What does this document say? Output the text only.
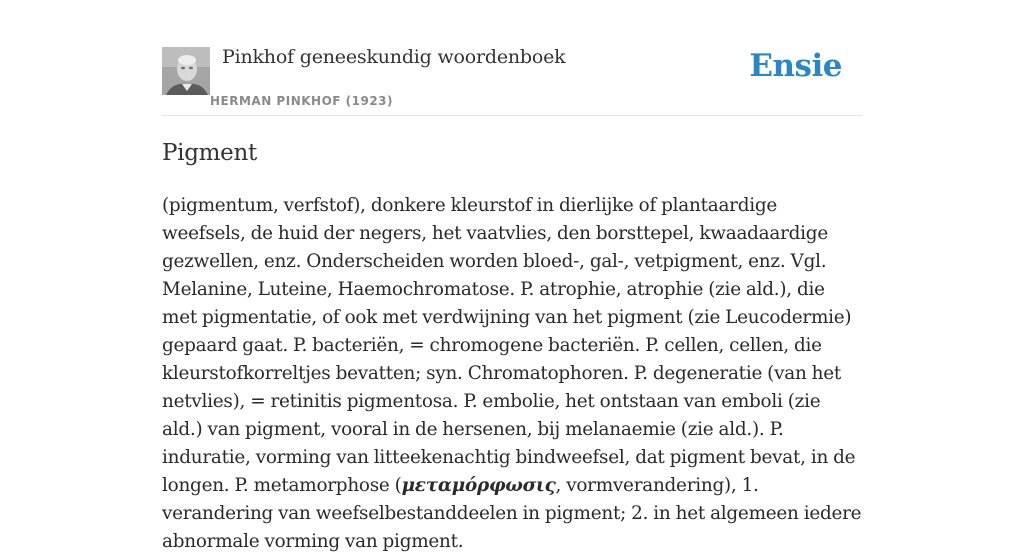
Pinkhof geneeskundig woordenboek
HERMAN PINKHOF (1923)
Ensie
Pigment

(pigmentum, verfstof), donkere kleurstof in dierlijke of plantaardige weefsels, de huid der negers, het vaatvlies, den borsttepel, kwaadaardige gezwellen, enz. Onderscheiden worden bloed-, gal-, vetpigment, enz. Vgl. Melanine, Luteine, Haemochromatose. P. atrophie, atrophie (zie ald.), die met pigmentatie, of ook met verdwijning van het pigment (zie Leucodermie) gepaard gaat. P. bacteriën, = chromogene bacteriën. P. cellen, cellen, die kleurstofkorreltjes bevatten; syn. Chromatophoren. P. degeneratie (van het netvlies), = retinitis pigmentosa. P. embolie, het ontstaan van emboli (zie ald.) van pigment, vooral in de hersenen, bij melanaemie (zie ald.). P. induratie, vorming van litteekenachtig bindweefsel, dat pigment bevat, in de longen. P. metamorphose (μεταμόρφωσις, vormverandering), 1. verandering van weefselbestanddeelen in pigment; 2. in het algemeen iedere abnormale vorming van pigment.
